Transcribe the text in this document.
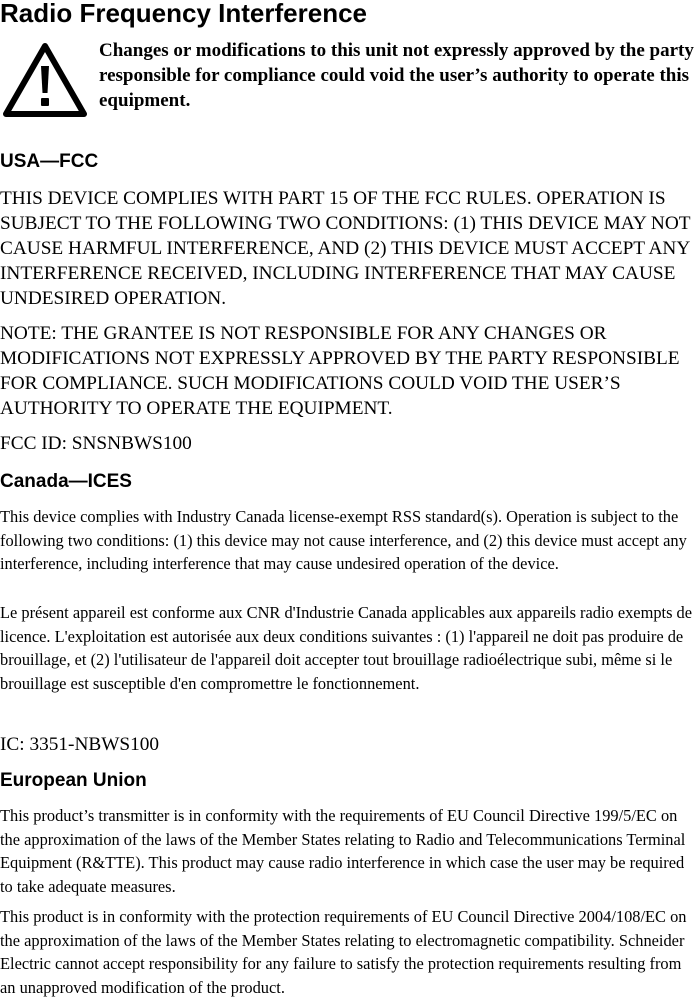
Radio Frequency Interference

Changes or modifications to this unit not expressly approved by the party responsible for compliance could void the user’s authority to operate this equipment.

USA—FCC

THIS DEVICE COMPLIES WITH PART 15 OF THE FCC RULES. OPERATION IS SUBJECT TO THE FOLLOWING TWO CONDITIONS: (1) THIS DEVICE MAY NOT CAUSE HARMFUL INTERFERENCE, AND (2) THIS DEVICE MUST ACCEPT ANY INTERFERENCE RECEIVED, INCLUDING INTERFERENCE THAT MAY CAUSE UNDESIRED OPERATION.

NOTE: THE GRANTEE IS NOT RESPONSIBLE FOR ANY CHANGES OR MODIFICATIONS NOT EXPRESSLY APPROVED BY THE PARTY RESPONSIBLE FOR COMPLIANCE. SUCH MODIFICATIONS COULD VOID THE USER’S AUTHORITY TO OPERATE THE EQUIPMENT.

FCC ID: SNSNBWS100

Canada—ICES

This device complies with Industry Canada license-exempt RSS standard(s). Operation is subject to the following two conditions: (1) this device may not cause interference, and (2) this device must accept any interference, including interference that may cause undesired operation of the device.

Le présent appareil est conforme aux CNR d'Industrie Canada applicables aux appareils radio exempts de licence. L'exploitation est autorisée aux deux conditions suivantes : (1) l'appareil ne doit pas produire de brouillage, et (2) l'utilisateur de l'appareil doit accepter tout brouillage radioélectrique subi, même si le brouillage est susceptible d'en compromettre le fonctionnement.

IC: 3351-NBWS100

European Union

This product’s transmitter is in conformity with the requirements of EU Council Directive 199/5/EC on the approximation of the laws of the Member States relating to Radio and Telecommunications Terminal Equipment (R&TTE). This product may cause radio interference in which case the user may be required to take adequate measures.

This product is in conformity with the protection requirements of EU Council Directive 2004/108/EC on the approximation of the laws of the Member States relating to electromagnetic compatibility. Schneider Electric cannot accept responsibility for any failure to satisfy the protection requirements resulting from an unapproved modification of the product.
